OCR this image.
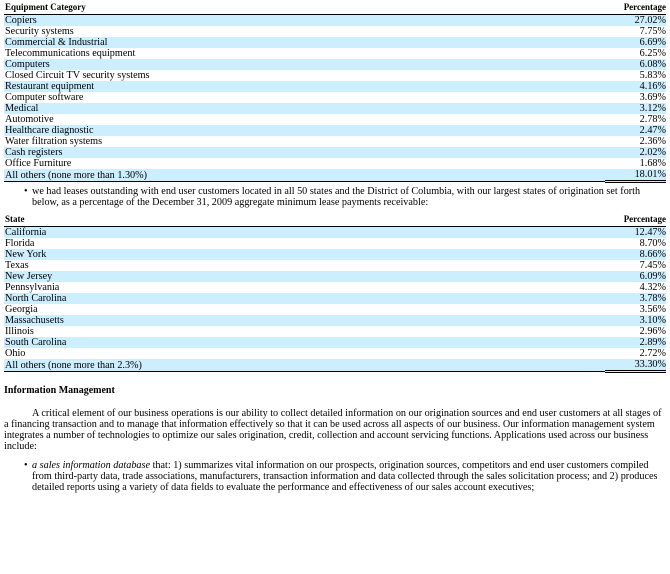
Equipment Category	Percentage
Copiers	27.02%
Security systems	7.75%
Commercial & Industrial	6.69%
Telecommunications equipment	6.25%
Computers	6.08%
Closed Circuit TV security systems	5.83%
Restaurant equipment	4.16%
Computer software	3.69%
Medical	3.12%
Automotive	2.78%
Healthcare diagnostic	2.47%
Water filtration systems	2.36%
Cash registers	2.02%
Office Furniture	1.68%
All others (none more than 1.30%)	18.01%

• we had leases outstanding with end user customers located in all 50 states and the District of Columbia, with our largest states of origination set forth below, as a percentage of the December 31, 2009 aggregate minimum lease payments receivable:

State	Percentage
California	12.47%
Florida	8.70%
New York	8.66%
Texas	7.45%
New Jersey	6.09%
Pennsylvania	4.32%
North Carolina	3.78%
Georgia	3.56%
Massachusetts	3.10%
Illinois	2.96%
South Carolina	2.89%
Ohio	2.72%
All others (none more than 2.3%)	33.30%

Information Management

A critical element of our business operations is our ability to collect detailed information on our origination sources and end user customers at all stages of a financing transaction and to manage that information effectively so that it can be used across all aspects of our business. Our information management system integrates a number of technologies to optimize our sales origination, credit, collection and account servicing functions. Applications used across our business include:

• a sales information database that: 1) summarizes vital information on our prospects, origination sources, competitors and end user customers compiled from third-party data, trade associations, manufacturers, transaction information and data collected through the sales solicitation process; and 2) produces detailed reports using a variety of data fields to evaluate the performance and effectiveness of our sales account executives;
